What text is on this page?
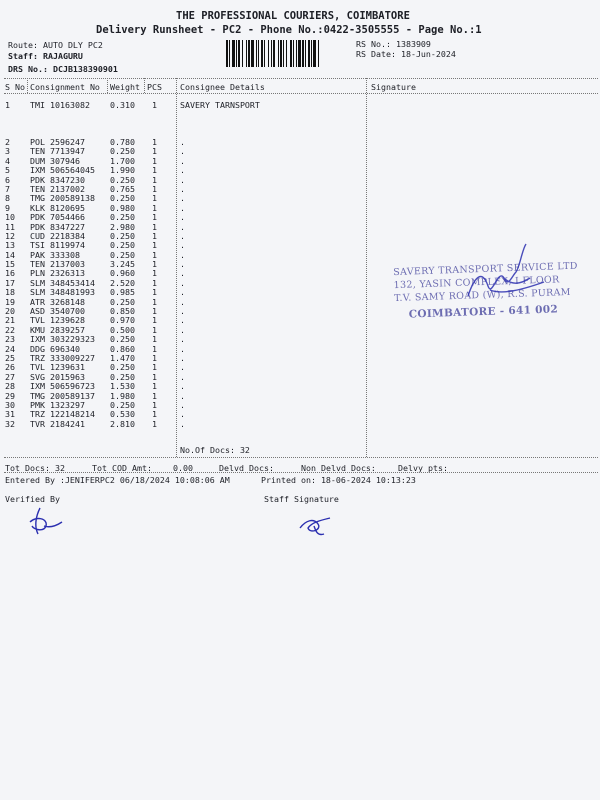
THE PROFESSIONAL COURIERS, COIMBATORE
Delivery Runsheet - PC2 - Phone No.:0422-3505555 - Page No.:1
Route: AUTO DLY PC2
Staff: RAJAGURU
DRS No.: DCJB138390901
RS No.: 1383909
RS Date: 18-Jun-2024
S No Consignment No Weight PCS Consignee Details	Signature
1 TMI 10163082 0.310 1	SAVERY TARNSPORT
2 POL 2596247	0.780 1	.
3 TEN 7713947	0.250 1	.
4 DUM 307946	1.700 1	.
5 IXM 506564045 1.990 1	.
6 PDK 8347230	0.250 1	.
7 TEN 2137002	0.765 1	.
8 TMG 200589138 0.250 1	.
9 KLK 8120695	0.980 1	.
10 PDK 7054466	0.250 1	.
11 PDK 8347227	2.980 1	.
12 CUD 2218384	0.250 1	.
13 TSI 8119974	0.250 1	.
14 PAK 333308	0.250 1	.
15 TEN 2137003	3.245 1	.
16 PLN 2326313	0.960 1	.
17 SLM 348453414 2.520 1	.
18 SLM 348481993 0.985 1	.
19 ATR 3268148	0.250 1	.
20 ASD 3540700	0.850 1	.
21 TVL 1239628	0.970 1	.
22 KMU 2839257	0.500 1	.
23 IXM 303229323 0.250 1	.
24 DDG 696340	0.860 1	.
25 TRZ 333009227 1.470 1	.
26 TVL 1239631	0.250 1	.
27 SVG 2015963	0.250 1	.
28 IXM 506596723 1.530 1	.
29 TMG 200589137 1.980 1	.
30 PMK 1323297	0.250 1	.
31 TRZ 122148214 0.530 1	.
32 TVR 2184241	2.810 1	.
No.Of Docs: 32
Tot Docs: 32	Tot COD Amt:	0.00	Delvd Docs:	Non Delvd Docs:	Delvy pts:
Entered By :JENIFERPC2 06/18/2024 10:08:06 AM	Printed on: 18-06-2024 10:13:23
Verified By	Staff Signature
SAVERY TRANSPORT SERVICE LTD
132, YASIN COMPLEX, I FLOOR
T.V. SAMY ROAD (W), R.S. PURAM
COIMBATORE - 641 002
